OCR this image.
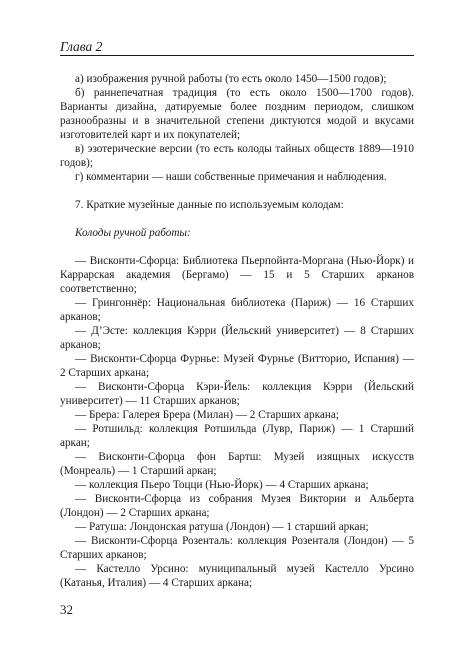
Глава 2

а) изображения ручной работы (то есть около 1450—1500 годов);

б) раннепечатная традиция (то есть около 1500—1700 годов). Варианты дизайна, датируемые более поздним периодом, слишком разнообразны и в значительной степени диктуются модой и вкусами изготовителей карт и их покупателей;

в) эзотерические версии (то есть колоды тайных обществ 1889—1910 годов);

г) комментарии — наши собственные примечания и наблюдения.

7. Краткие музейные данные по используемым колодам:

Колоды ручной работы:

— Висконти-Сфорца: Библиотека Пьерпойнта-Моргана (Нью-Йорк) и Каррарская академия (Бергамо) — 15 и 5 Старших арканов соответственно;

— Грингоннёр: Национальная библиотека (Париж) — 16 Старших арканов;

— Д’Эсте: коллекция Кэрри (Йельский университет) — 8 Старших арканов;

— Висконти-Сфорца Фурнье: Музей Фурнье (Витторио, Испания) — 2 Старших аркана;

— Висконти-Сфорца Кэри-Йель: коллекция Кэрри (Йельский университет) — 11 Старших арканов;

— Брера: Галерея Брера (Милан) — 2 Старших аркана;

— Ротшильд: коллекция Ротшильда (Лувр, Париж) — 1 Старший аркан;

— Висконти-Сфорца фон Бартш: Музей изящных искусств (Монреаль) — 1 Старший аркан;

— коллекция Пьеро Тоцци (Нью-Йорк) — 4 Старших аркана;

— Висконти-Сфорца из собрания Музея Виктории и Альберта (Лондон) — 2 Старших аркана;

— Ратуша: Лондонская ратуша (Лондон) — 1 старший аркан;

— Висконти-Сфорца Розенталь: коллекция Розенталя (Лондон) — 5 Старших арканов;

— Кастелло Урсино: муниципальный музей Кастелло Урсино (Катанья, Италия) — 4 Старших аркана;

32
